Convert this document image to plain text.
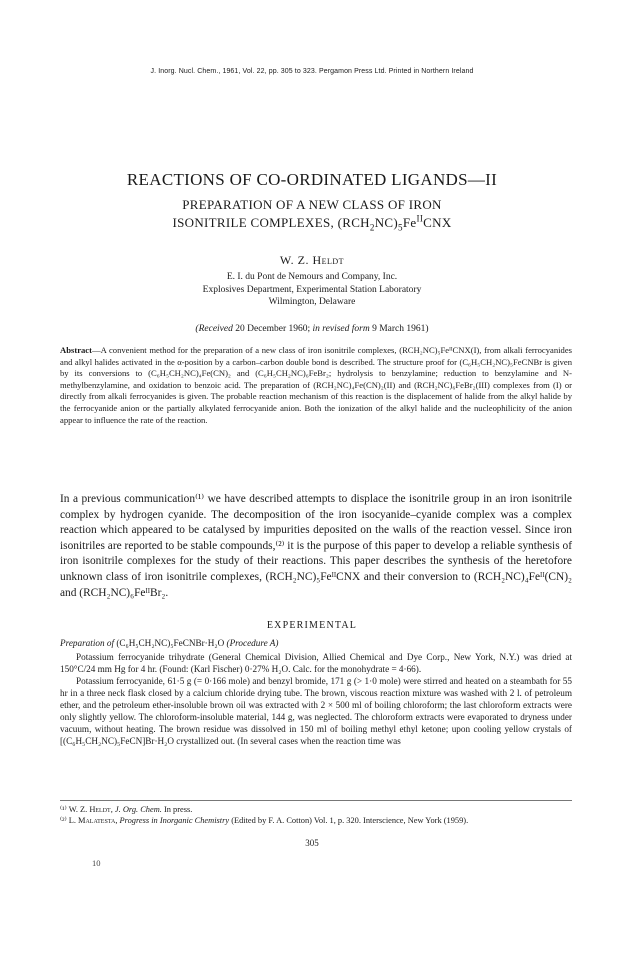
J. Inorg. Nucl. Chem., 1961, Vol. 22, pp. 305 to 323. Pergamon Press Ltd. Printed in Northern Ireland
REACTIONS OF CO-ORDINATED LIGANDS—II
PREPARATION OF A NEW CLASS OF IRON
ISONITRILE COMPLEXES, $(RCH_2NC)_5Fe^{II}CNX$
W. Z. Heldt
E. I. du Pont de Nemours and Company, Inc.
Explosives Department, Experimental Station Laboratory
Wilmington, Delaware
(Received 20 December 1960; in revised form 9 March 1961)
Abstract—A convenient method for the preparation of a new class of iron isonitrile complexes, (RCH₂NC)₅FeᴵᴵCNX(I), from alkali ferrocyanides and alkyl halides activated in the α-position by a carbon–carbon double bond is described. The structure proof for (C₆H₅CH₂NC)₅FeCNBr is given by its conversions to (C₆H₅CH₂NC)₄Fe(CN)₂ and (C₆H₅CH₂NC)₆FeBr₂; hydrolysis to benzylamine; reduction to benzylamine and N-methylbenzylamine, and oxidation to benzoic acid. The preparation of (RCH₂NC)₄Fe(CN)₂(II) and (RCH₂NC)₆FeBr₂(III) complexes from (I) or directly from alkali ferrocyanides is given. The probable reaction mechanism of this reaction is the displacement of halide from the alkyl halide by the ferrocyanide anion or the partially alkylated ferrocyanide anion. Both the ionization of the alkyl halide and the nucleophilicity of the anion appear to influence the rate of the reaction.
In a previous communication⁽¹⁾ we have described attempts to displace the isonitrile group in an iron isonitrile complex by hydrogen cyanide. The decomposition of the iron isocyanide–cyanide complex was a complex reaction which appeared to be catalysed by impurities deposited on the walls of the reaction vessel. Since iron isonitriles are reported to be stable compounds,⁽²⁾ it is the purpose of this paper to develop a reliable synthesis of iron isonitrile complexes for the study of their reactions. This paper describes the synthesis of the heretofore unknown class of iron isonitrile complexes, (RCH₂NC)₅FeᴵᴵCNX and their conversion to (RCH₂NC)₄Feᴵᴵ(CN)₂ and (RCH₂NC)₆FeᴵᴵBr₂.
EXPERIMENTAL
Preparation of (C₆H₅CH₂NC)₅FeCNBr·H₂O (Procedure A)

Potassium ferrocyanide trihydrate (General Chemical Division, Allied Chemical and Dye Corp., New York, N.Y.) was dried at 150°C/24 mm Hg for 4 hr. (Found: (Karl Fischer) 0·27% H₂O. Calc. for the monohydrate = 4·66).

Potassium ferrocyanide, 61·5 g (= 0·166 mole) and benzyl bromide, 171 g (> 1·0 mole) were stirred and heated on a steambath for 55 hr in a three neck flask closed by a calcium chloride drying tube. The brown, viscous reaction mixture was washed with 2 l. of petroleum ether, and the petroleum ether-insoluble brown oil was extracted with 2 × 500 ml of boiling chloroform; the last chloroform extracts were only slightly yellow. The chloroform-insoluble material, 144 g, was neglected. The chloroform extracts were evaporated to dryness under vacuum, without heating. The brown residue was dissolved in 150 ml of boiling methyl ethyl ketone; upon cooling yellow crystals of [(C₆H₅CH₂NC)₅FeCN]Br·H₂O crystallized out. (In several cases when the reaction time was

⁽¹⁾ W. Z. Heldt, J. Org. Chem. In press.
⁽²⁾ L. Malatesta, Progress in Inorganic Chemistry (Edited by F. A. Cotton) Vol. 1, p. 320. Interscience, New York (1959).
305
10
